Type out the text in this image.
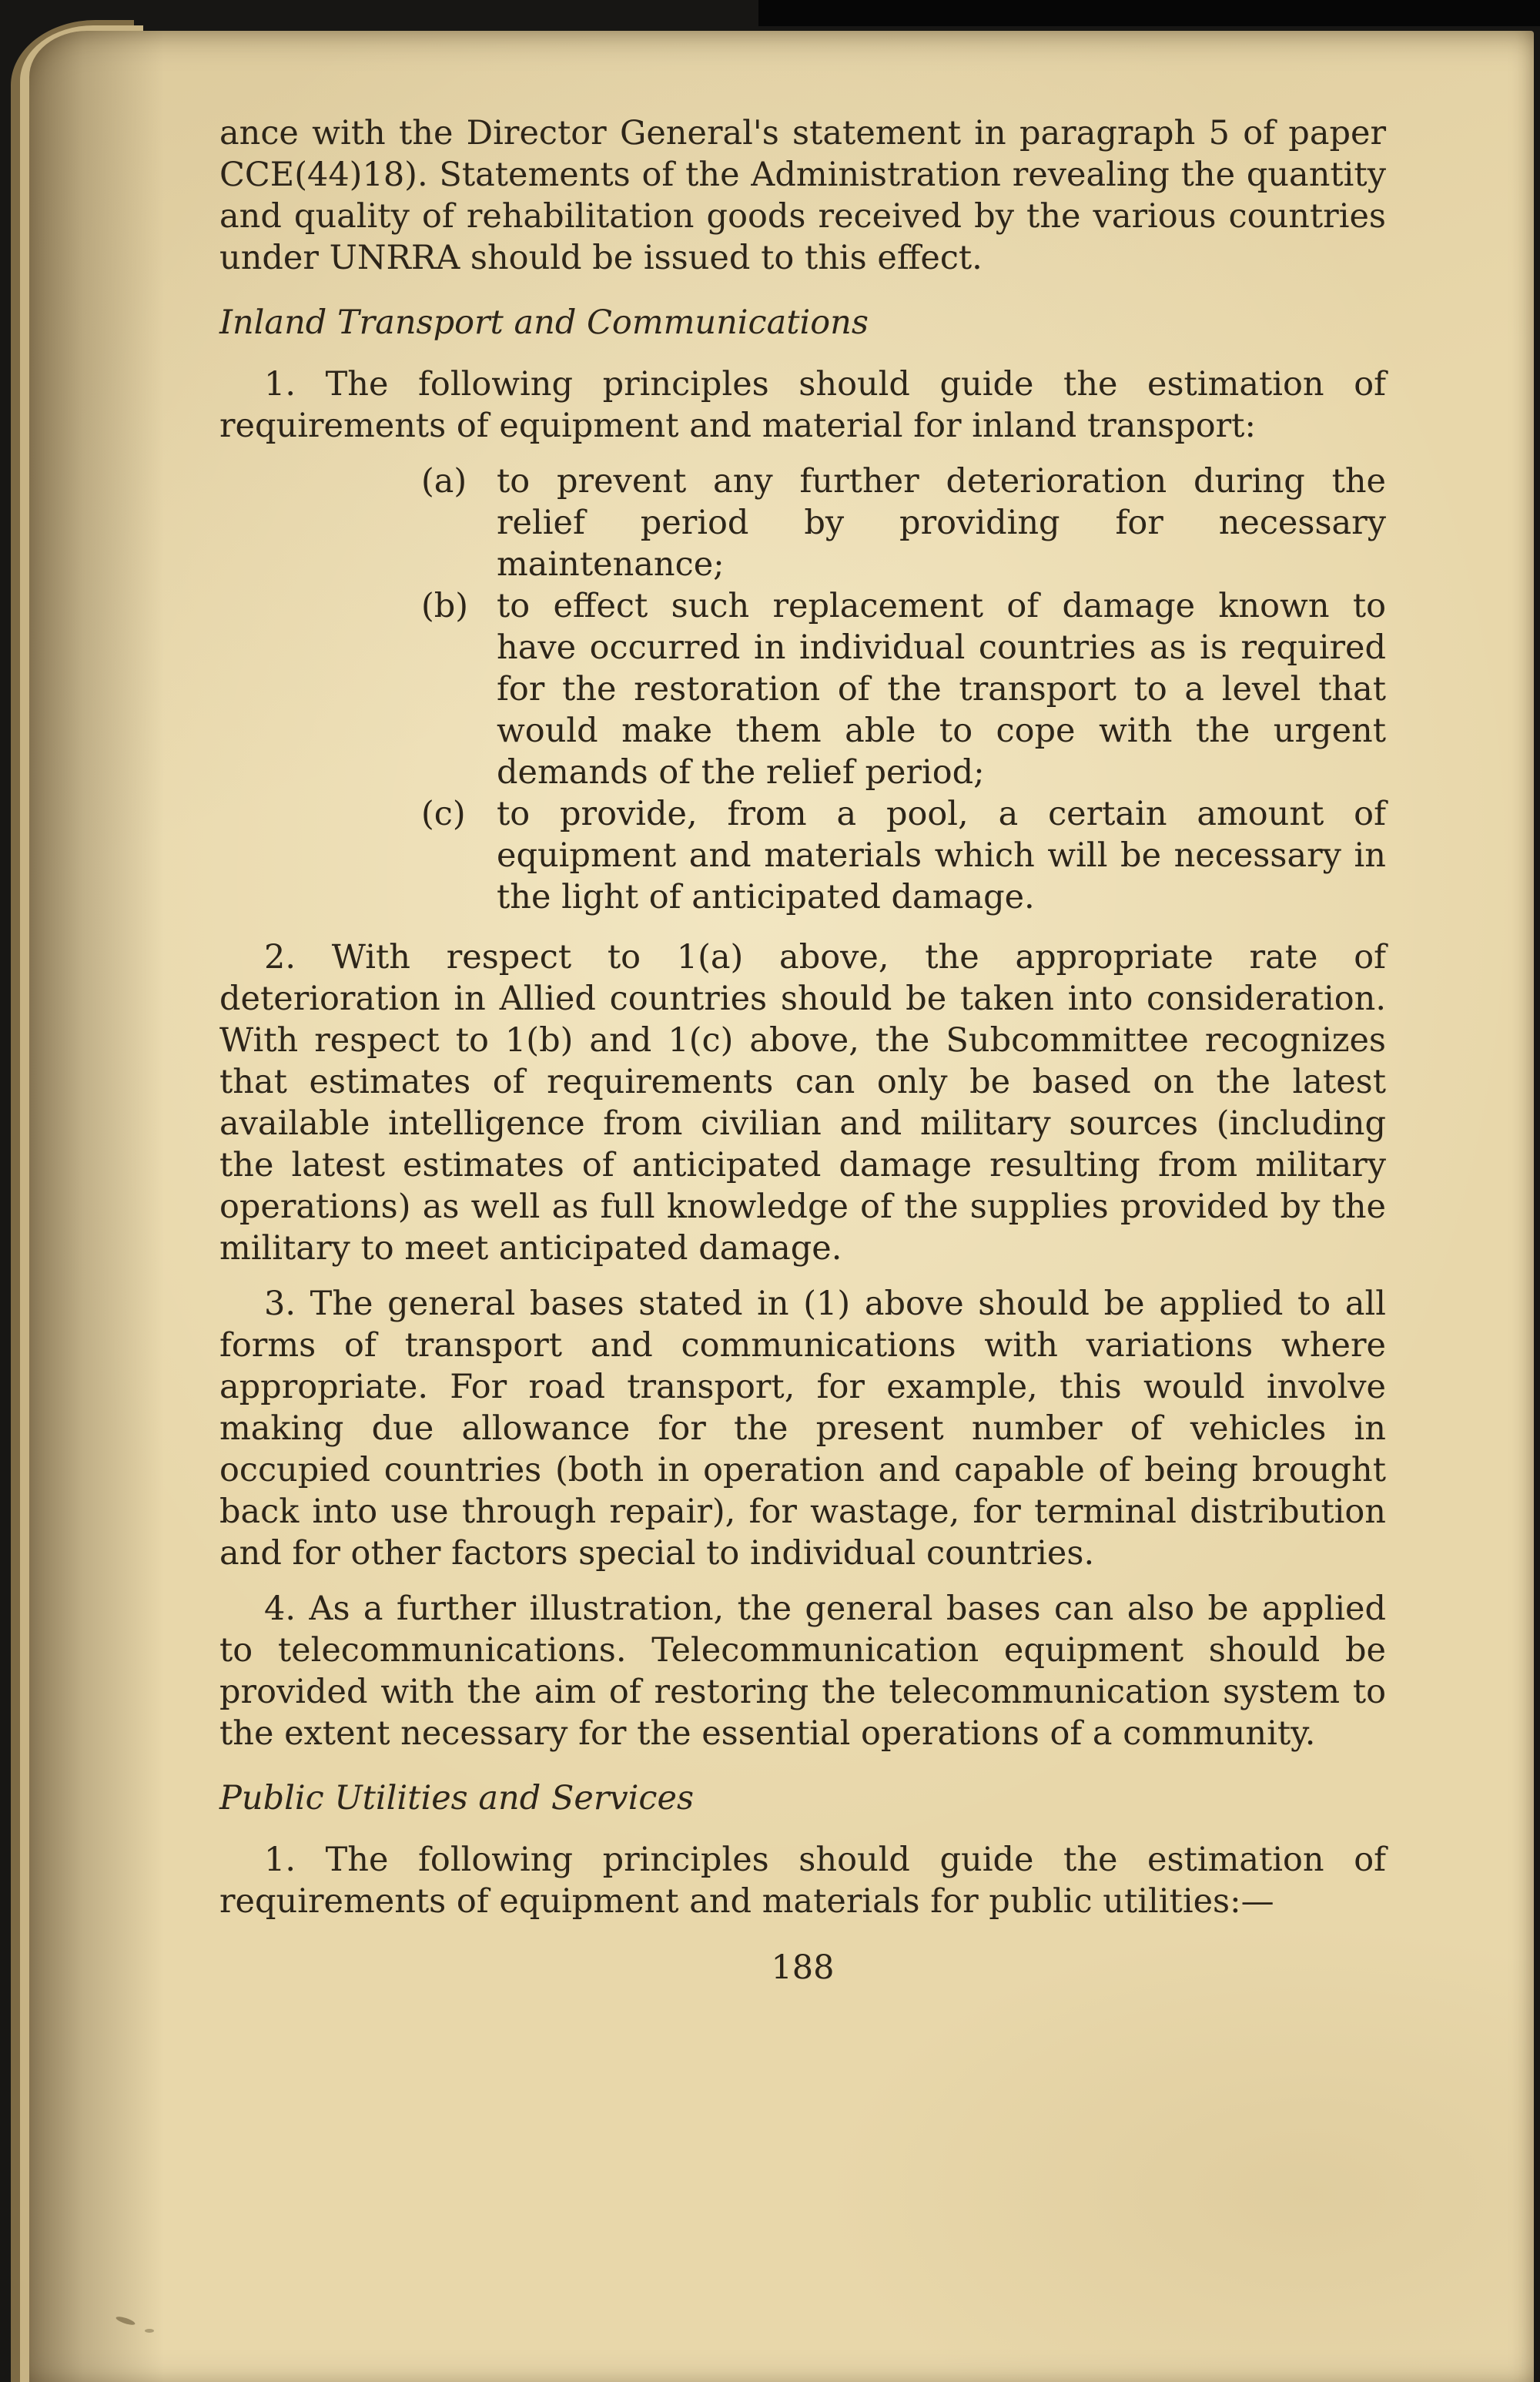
ance with the Director General's statement in paragraph 5 of paper CCE(44)18). Statements of the Administration revealing the quantity and quality of rehabilitation goods received by the various countries under UNRRA should be issued to this effect.

Inland Transport and Communications

1. The following principles should guide the estimation of requirements of equipment and material for inland transport:

(a) to prevent any further deterioration during the relief period by providing for necessary maintenance;
(b) to effect such replacement of damage known to have occurred in individual countries as is required for the restoration of the transport to a level that would make them able to cope with the urgent demands of the relief period;
(c) to provide, from a pool, a certain amount of equipment and materials which will be necessary in the light of anticipated damage.

2. With respect to 1(a) above, the appropriate rate of deterioration in Allied countries should be taken into consideration. With respect to 1(b) and 1(c) above, the Subcommittee recognizes that estimates of requirements can only be based on the latest available intelligence from civilian and military sources (including the latest estimates of anticipated damage resulting from military operations) as well as full knowledge of the supplies provided by the military to meet anticipated damage.

3. The general bases stated in (1) above should be applied to all forms of transport and communications with variations where appropriate. For road transport, for example, this would involve making due allowance for the present number of vehicles in occupied countries (both in operation and capable of being brought back into use through repair), for wastage, for terminal distribution and for other factors special to individual countries.

4. As a further illustration, the general bases can also be applied to telecommunications. Telecommunication equipment should be provided with the aim of restoring the telecommunication system to the extent necessary for the essential operations of a community.

Public Utilities and Services

1. The following principles should guide the estimation of requirements of equipment and materials for public utilities:—

188
